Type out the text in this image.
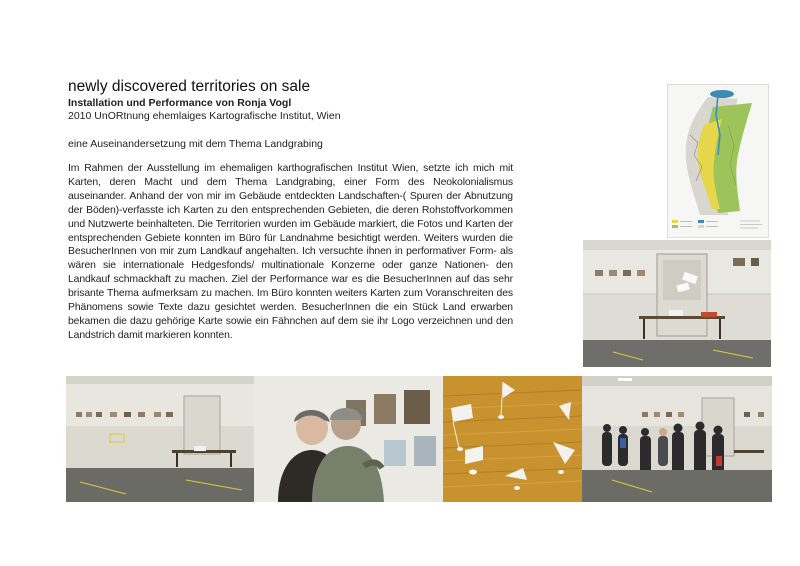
newly discovered territories on sale
Installation und Performance von Ronja Vogl
2010 UnORtnung ehemlaiges Kartografische Institut, Wien
eine Auseinandersetzung mit dem Thema Landgrabing

Im Rahmen der Ausstellung im ehemaligen karthografischen Institut Wien, setzte ich mich mit Karten, deren Macht und dem Thema Landgrabing, einer Form des Neokolonialismus auseinander. Anhand der von mir im Gebäude entdeckten Landschaften-( Spuren der Abnutzung der Böden)-verfasste ich Karten zu den entsprechenden Gebieten, die deren Rohstoffvorkommen und Nutzwerte beinhalteten. Die Territorien wurden im Gebäude markiert, die Fotos und Karten der entsprechenden Gebiete konnten im Büro für Landnahme besichtigt werden. Weiters wurden die BesucherInnen von mir zum Landkauf angehalten. Ich versuchte ihnen in performativer Form- als wären sie internationale Hedgesfonds/ multinationale Konzerne oder ganze Nationen- den Landkauf schmackhaft zu machen. Ziel der Performance war es die BesucherInnen auf das sehr brisante Thema aufmerksam zu machen. Im Büro konnten weiters Karten zum Voranschreiten des Phänomens sowie Texte dazu gesichtet werden. BesucherInnen die ein Stück Land erwarben bekamen die dazu gehörige Karte sowie ein Fähnchen auf dem sie ihr Logo verzeichnen und den Landstrich damit markieren konnten.
